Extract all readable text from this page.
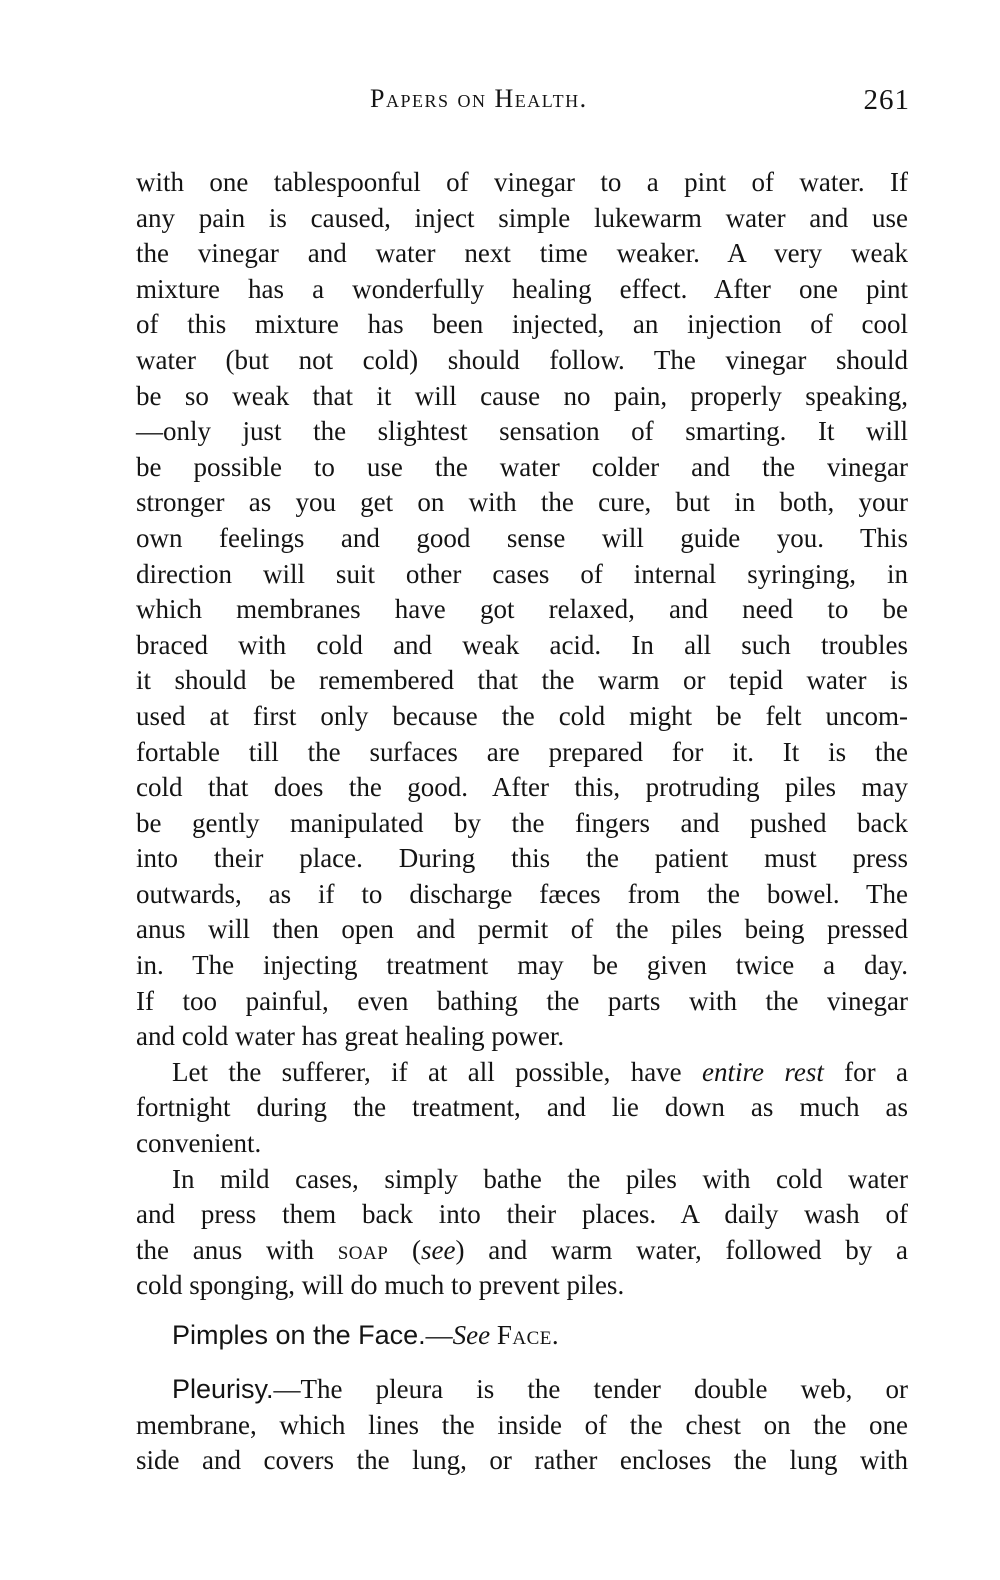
Papers on Health.	261
with one tablespoonful of vinegar to a pint of water. If
any pain is caused, inject simple lukewarm water and use
the vinegar and water next time weaker. A very weak
mixture has a wonderfully healing effect. After one pint
of this mixture has been injected, an injection of cool
water (but not cold) should follow. The vinegar should
be so weak that it will cause no pain, properly speaking,
—only just the slightest sensation of smarting. It will
be possible to use the water colder and the vinegar
stronger as you get on with the cure, but in both, your
own feelings and good sense will guide you. This
direction will suit other cases of internal syringing, in
which membranes have got relaxed, and need to be
braced with cold and weak acid. In all such troubles
it should be remembered that the warm or tepid water is
used at first only because the cold might be felt uncom-
fortable till the surfaces are prepared for it. It is the
cold that does the good. After this, protruding piles may
be gently manipulated by the fingers and pushed back
into their place. During this the patient must press
outwards, as if to discharge fæces from the bowel. The
anus will then open and permit of the piles being pressed
in. The injecting treatment may be given twice a day.
If too painful, even bathing the parts with the vinegar
and cold water has great healing power.
Let the sufferer, if at all possible, have entire rest for a
fortnight during the treatment, and lie down as much as
convenient.
In mild cases, simply bathe the piles with cold water
and press them back into their places. A daily wash of
the anus with soap (see) and warm water, followed by a
cold sponging, will do much to prevent piles.
Pimples on the Face.—See Face.
Pleurisy.—The pleura is the tender double web, or
membrane, which lines the inside of the chest on the one
side and covers the lung, or rather encloses the lung with
